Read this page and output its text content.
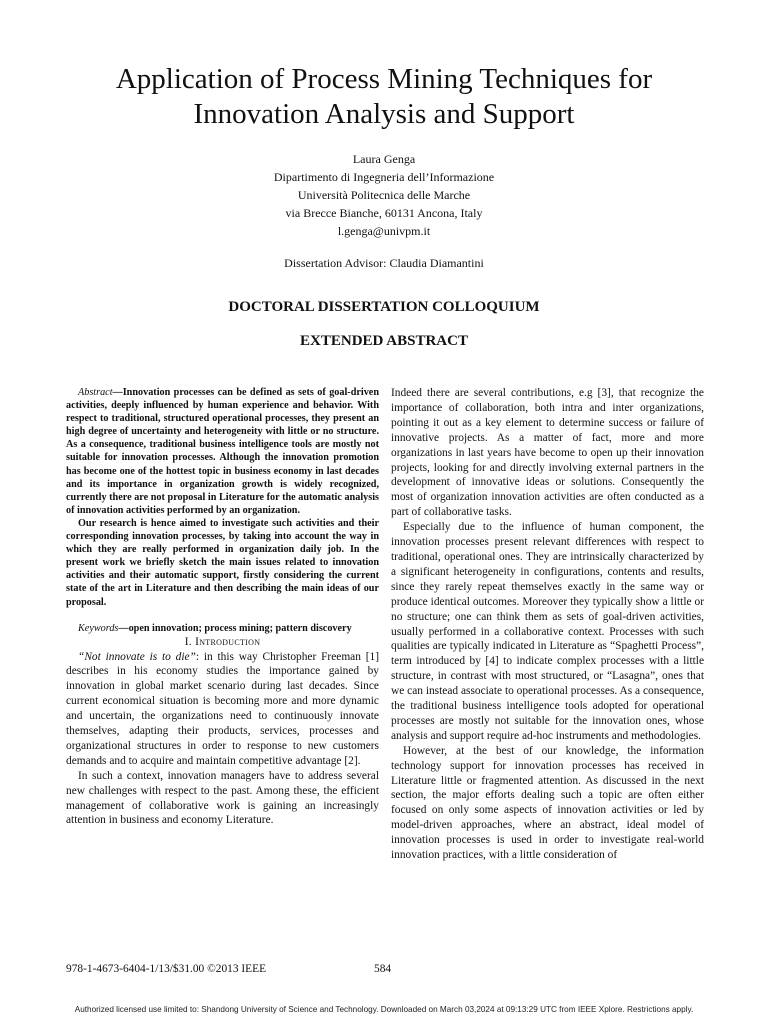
Application of Process Mining Techniques for
Innovation Analysis and Support
Laura Genga
Dipartimento di Ingegneria dell’Informazione
Università Politecnica delle Marche
via Brecce Bianche, 60131 Ancona, Italy
l.genga@univpm.it
Dissertation Advisor: Claudia Diamantini
DOCTORAL DISSERTATION COLLOQUIUM
EXTENDED ABSTRACT

Abstract—Innovation processes can be defined as sets of goal-driven activities, deeply influenced by human experience and behavior. With respect to traditional, structured operational processes, they present an high degree of uncertainty and heterogeneity with little or no structure. As a consequence, traditional business intelligence tools are mostly not suitable for innovation processes. Although the innovation promotion has become one of the hottest topic in business economy in last decades and its importance in organization growth is widely recognized, currently there are not proposal in Literature for the automatic analysis of innovation activities performed by an organization.

Our research is hence aimed to investigate such activities and their corresponding innovation processes, by taking into account the way in which they are really performed in organization daily job. In the present work we briefly sketch the main issues related to innovation activities and their automatic support, firstly considering the current state of the art in Literature and then describing the main ideas of our proposal.

Keywords—open innovation; process mining; pattern discovery

I. Introduction

“Not innovate is to die”: in this way Christopher Freeman [1] describes in his economy studies the importance gained by innovation in global market scenario during last decades. Since current economical situation is becoming more and more dynamic and uncertain, the organizations need to continuously innovate themselves, adapting their products, services, processes and organizational structures in order to response to new customers demands and to acquire and maintain competitive advantage [2].

In such a context, innovation managers have to address several new challenges with respect to the past. Among these, the efficient management of collaborative work is gaining an increasingly attention in business and economy Literature.

Indeed there are several contributions, e.g [3], that recognize the importance of collaboration, both intra and inter organizations, pointing it out as a key element to determine success or failure of innovative projects. As a matter of fact, more and more organizations in last years have become to open up their innovation projects, looking for and directly involving external partners in the development of innovative ideas or solutions. Consequently the most of organization innovation activities are often conducted as a part of collaborative tasks.

Especially due to the influence of human component, the innovation processes present relevant differences with respect to traditional, operational ones. They are intrinsically characterized by a significant heterogeneity in configurations, contents and results, since they rarely repeat themselves exactly in the same way or produce identical outcomes. Moreover they typically show a little or no structure; one can think them as sets of goal-driven activities, usually performed in a collaborative context. Processes with such qualities are typically indicated in Literature as “Spaghetti Process”, term introduced by [4] to indicate complex processes with a little structure, in contrast with most structured, or “Lasagna”, ones that we can instead associate to operational processes. As a consequence, the traditional business intelligence tools adopted for operational processes are mostly not suitable for the innovation ones, whose analysis and support require ad-hoc instruments and methodologies.

However, at the best of our knowledge, the information technology support for innovation processes has received in Literature little or fragmented attention. As discussed in the next section, the major efforts dealing such a topic are often either focused on only some aspects of innovation activities or led by model-driven approaches, where an abstract, ideal model of innovation processes is used in order to investigate real-world innovation practices, with a little consideration of

978-1-4673-6404-1/13/$31.00 ©2013 IEEE	584
Authorized licensed use limited to: Shandong University of Science and Technology. Downloaded on March 03,2024 at 09:13:29 UTC from IEEE Xplore. Restrictions apply.
